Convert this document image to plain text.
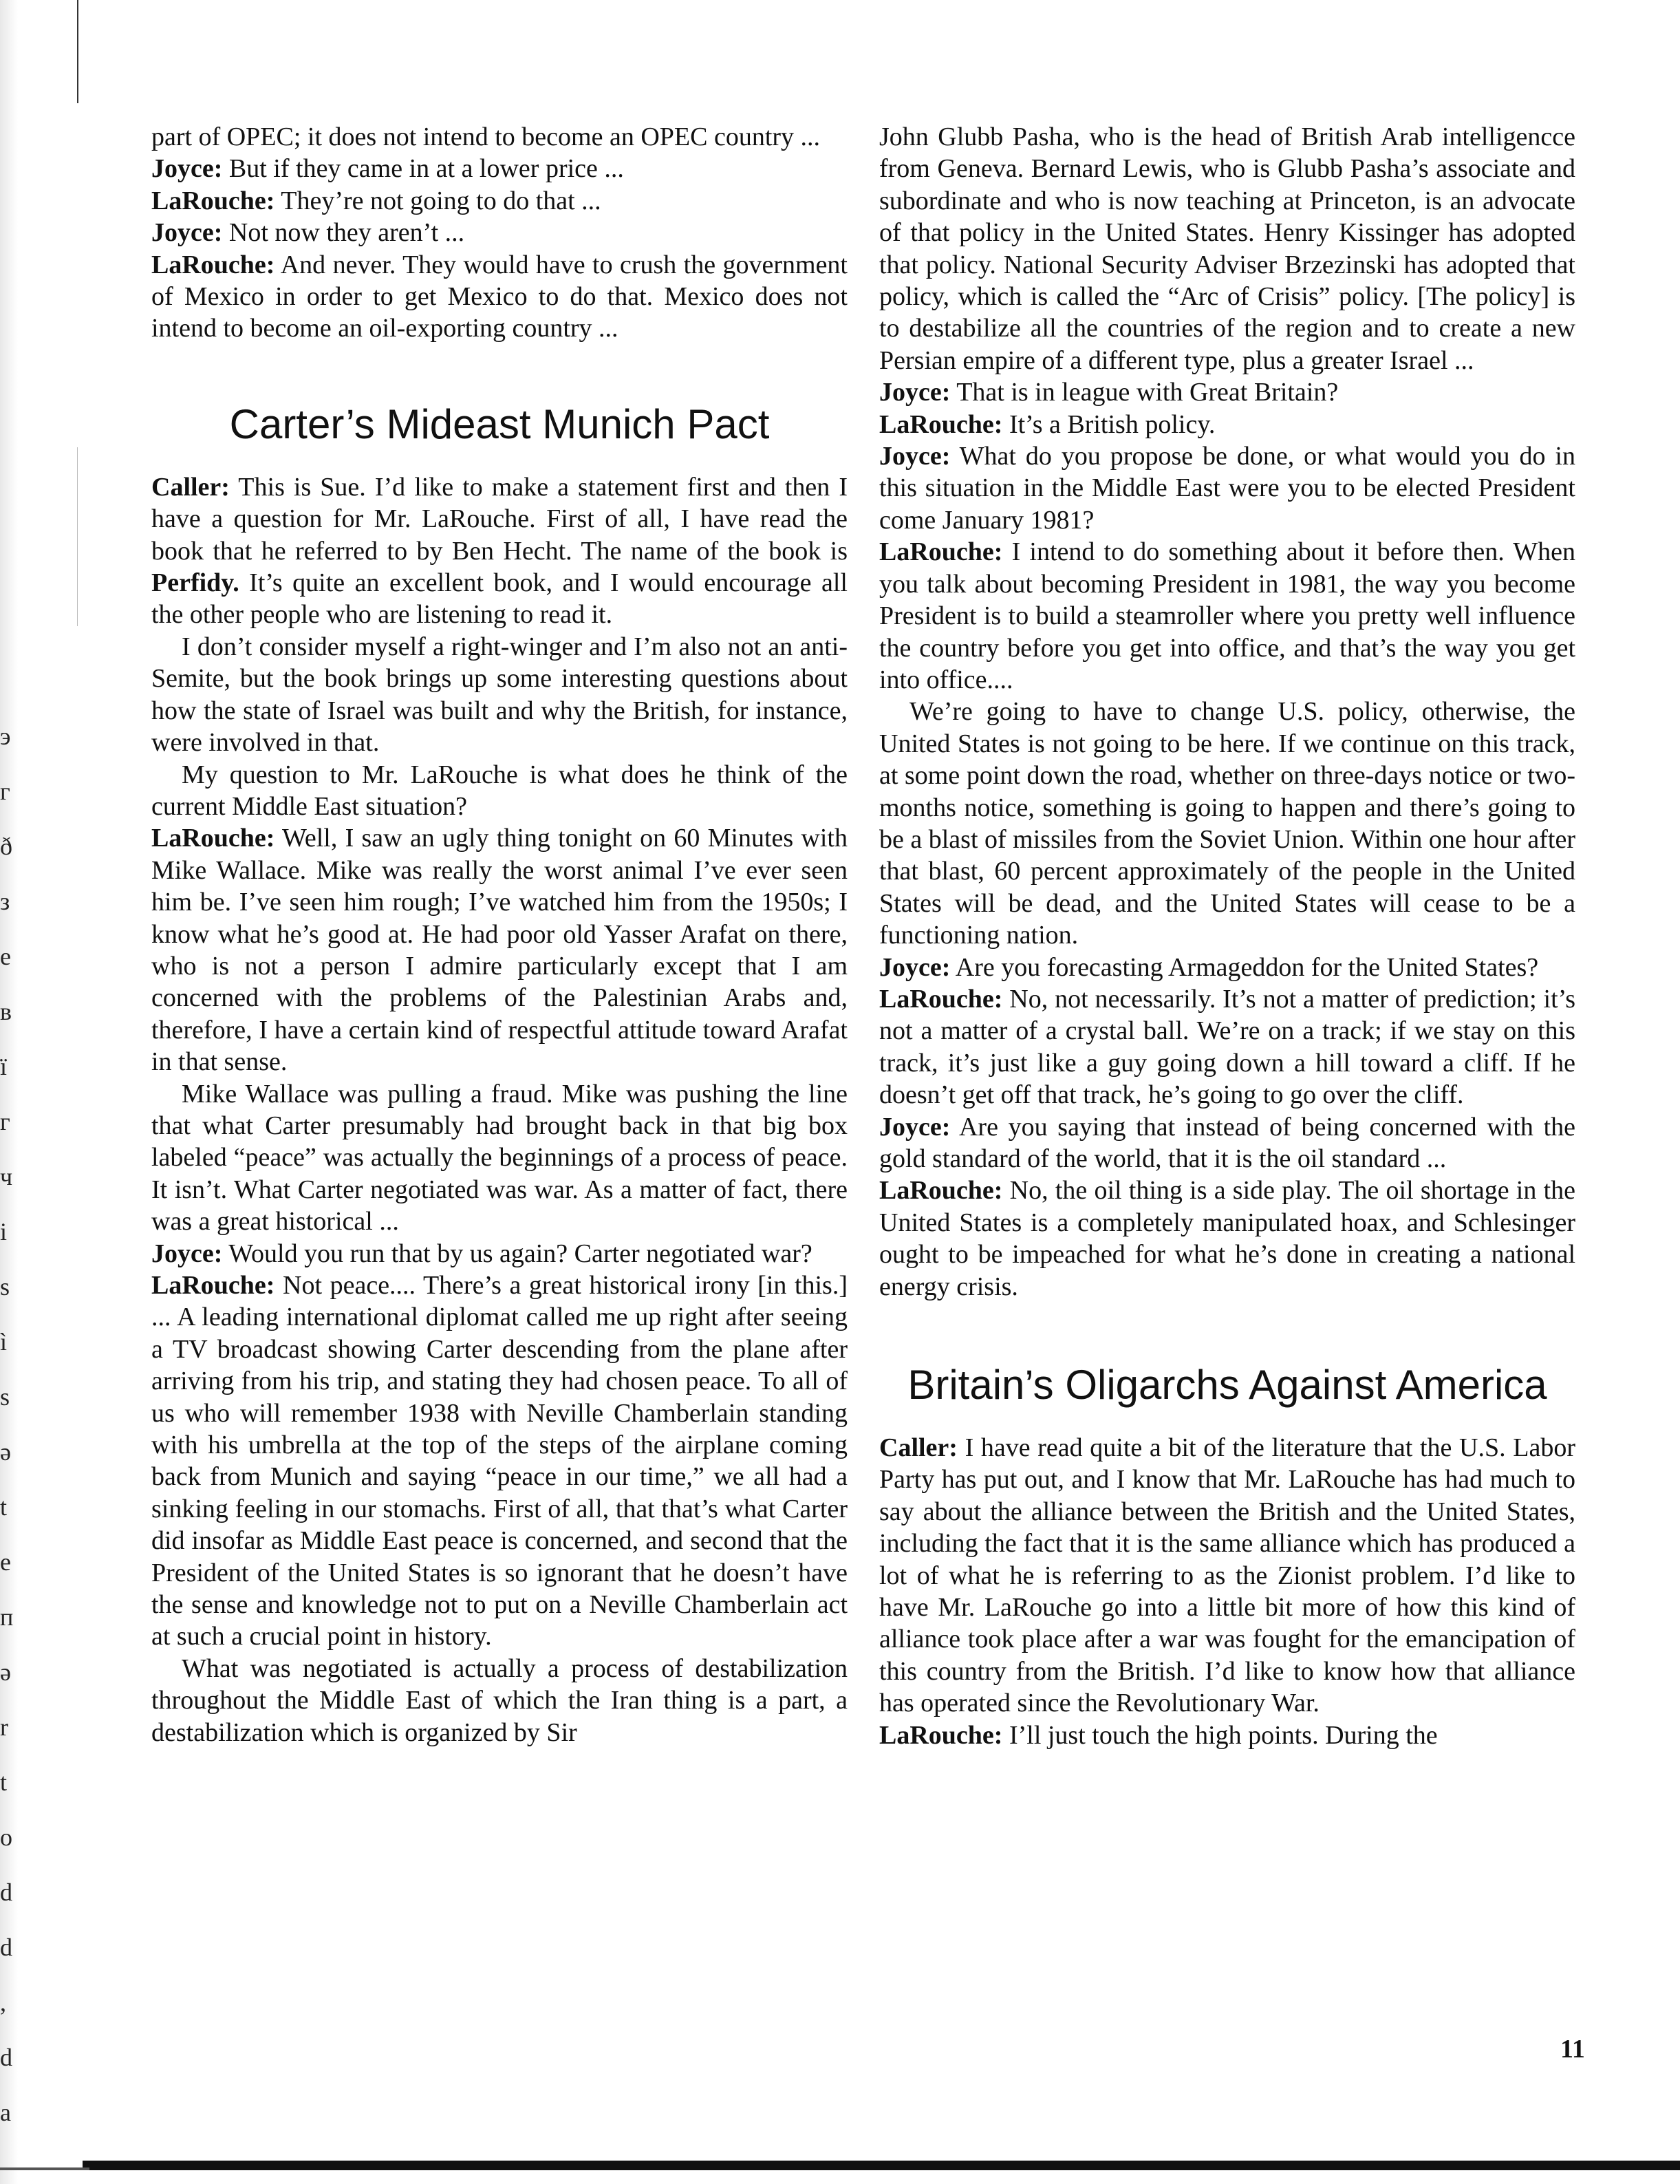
э
г
ð
з
е
в
ї
г
ч
i
s
ì
s
ә
t
е
п
ә
r
t
o
d
d
,
d
a

part of OPEC; it does not intend to become an OPEC country ...

Joyce: But if they came in at a lower price ...

LaRouche: They’re not going to do that ...

Joyce: Not now they aren’t ...

LaRouche: And never. They would have to crush the government of Mexico in order to get Mexico to do that. Mexico does not intend to become an oil-exporting country ...

Carter’s Mideast Munich Pact

Caller: This is Sue. I’d like to make a statement first and then I have a question for Mr. LaRouche. First of all, I have read the book that he referred to by Ben Hecht. The name of the book is Perfidy. It’s quite an excellent book, and I would encourage all the other people who are listening to read it.

I don’t consider myself a right-winger and I’m also not an anti-Semite, but the book brings up some interesting questions about how the state of Israel was built and why the British, for instance, were involved in that.

My question to Mr. LaRouche is what does he think of the current Middle East situation?

LaRouche: Well, I saw an ugly thing tonight on 60 Minutes with Mike Wallace. Mike was really the worst animal I’ve ever seen him be. I’ve seen him rough; I’ve watched him from the 1950s; I know what he’s good at. He had poor old Yasser Arafat on there, who is not a person I admire particularly except that I am concerned with the problems of the Palestinian Arabs and, therefore, I have a certain kind of respectful attitude toward Arafat in that sense.

Mike Wallace was pulling a fraud. Mike was pushing the line that what Carter presumably had brought back in that big box labeled “peace” was actually the beginnings of a process of peace. It isn’t. What Carter negotiated was war. As a matter of fact, there was a great historical ...

Joyce: Would you run that by us again? Carter negotiated war?

LaRouche: Not peace.... There’s a great historical irony [in this.] ... A leading international diplomat called me up right after seeing a TV broadcast showing Carter descending from the plane after arriving from his trip, and stating they had chosen peace. To all of us who will remember 1938 with Neville Chamberlain standing with his umbrella at the top of the steps of the airplane coming back from Munich and saying “peace in our time,” we all had a sinking feeling in our stomachs. First of all, that that’s what Carter did insofar as Middle East peace is concerned, and second that the President of the United States is so ignorant that he doesn’t have the sense and knowledge not to put on a Neville Chamberlain act at such a crucial point in history.

What was negotiated is actually a process of destabilization throughout the Middle East of which the Iran thing is a part, a destabilization which is organized by Sir

John Glubb Pasha, who is the head of British Arab intelligencce from Geneva. Bernard Lewis, who is Glubb Pasha’s associate and subordinate and who is now teaching at Princeton, is an advocate of that policy in the United States. Henry Kissinger has adopted that policy. National Security Adviser Brzezinski has adopted that policy, which is called the “Arc of Crisis” policy. [The policy] is to destabilize all the countries of the region and to create a new Persian empire of a different type, plus a greater Israel ...

Joyce: That is in league with Great Britain?

LaRouche: It’s a British policy.

Joyce: What do you propose be done, or what would you do in this situation in the Middle East were you to be elected President come January 1981?

LaRouche: I intend to do something about it before then. When you talk about becoming President in 1981, the way you become President is to build a steamroller where you pretty well influence the country before you get into office, and that’s the way you get into office....

We’re going to have to change U.S. policy, otherwise, the United States is not going to be here. If we continue on this track, at some point down the road, whether on three-days notice or two-months notice, something is going to happen and there’s going to be a blast of missiles from the Soviet Union. Within one hour after that blast, 60 percent approximately of the people in the United States will be dead, and the United States will cease to be a functioning nation.

Joyce: Are you forecasting Armageddon for the United States?

LaRouche: No, not necessarily. It’s not a matter of prediction; it’s not a matter of a crystal ball. We’re on a track; if we stay on this track, it’s just like a guy going down a hill toward a cliff. If he doesn’t get off that track, he’s going to go over the cliff.

Joyce: Are you saying that instead of being concerned with the gold standard of the world, that it is the oil standard ...

LaRouche: No, the oil thing is a side play. The oil shortage in the United States is a completely manipulated hoax, and Schlesinger ought to be impeached for what he’s done in creating a national energy crisis.

Britain’s Oligarchs Against America

Caller: I have read quite a bit of the literature that the U.S. Labor Party has put out, and I know that Mr. LaRouche has had much to say about the alliance between the British and the United States, including the fact that it is the same alliance which has produced a lot of what he is referring to as the Zionist problem. I’d like to have Mr. LaRouche go into a little bit more of how this kind of alliance took place after a war was fought for the emancipation of this country from the British. I’d like to know how that alliance has operated since the Revolutionary War.

LaRouche: I’ll just touch the high points. During the

11
